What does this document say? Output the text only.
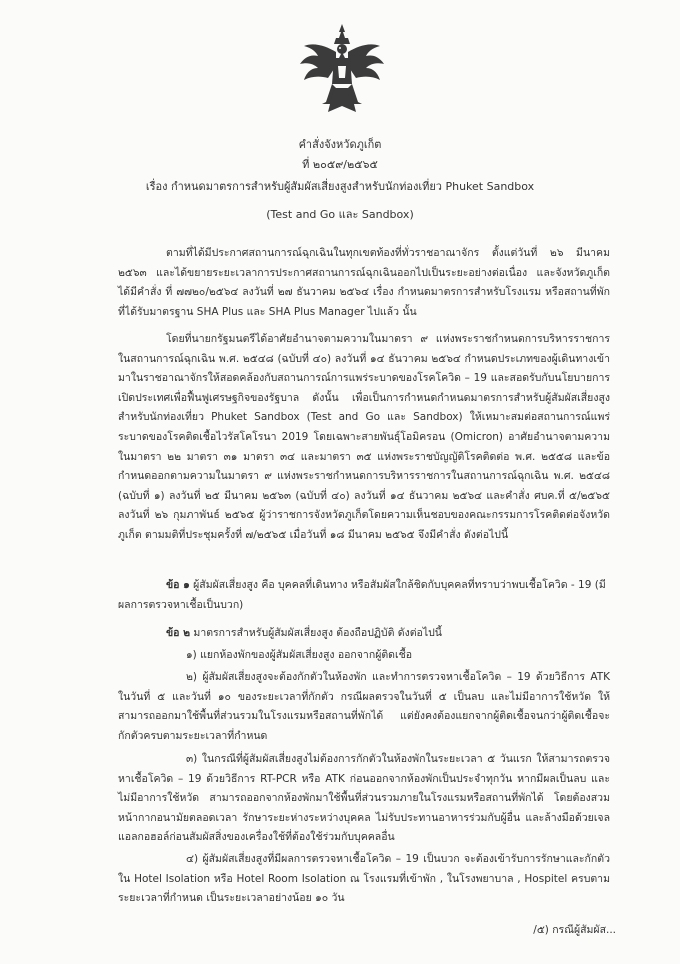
คำสั่งจังหวัดภูเก็ต
ที่ ๒๐๕๙/๒๕๖๕
เรื่อง กำหนดมาตรการสำหรับผู้สัมผัสเสี่ยงสูงสำหรับนักท่องเที่ยว Phuket Sandbox
(Test and Go และ Sandbox)
ตามที่ได้มีประกาศสถานการณ์ฉุกเฉินในทุกเขตท้องที่ทั่วราชอาณาจักร ตั้งแต่วันที่ ๒๖ มีนาคม ๒๕๖๓ และได้ขยายระยะเวลาการประกาศสถานการณ์ฉุกเฉินออกไปเป็นระยะอย่างต่อเนื่อง และจังหวัดภูเก็ตได้มีคำสั่ง ที่ ๗๗๒๐/๒๕๖๔ ลงวันที่ ๒๗ ธันวาคม ๒๕๖๔ เรื่อง กำหนดมาตรการสำหรับโรงแรม หรือสถานที่พักที่ได้รับมาตรฐาน SHA Plus และ SHA Plus Manager ไปแล้ว นั้น
โดยที่นายกรัฐมนตรีได้อาศัยอำนาจตามความในมาตรา ๙ แห่งพระราชกำหนดการบริหารราชการในสถานการณ์ฉุกเฉิน พ.ศ. ๒๕๔๘ (ฉบับที่ ๔๐) ลงวันที่ ๑๔ ธันวาคม ๒๕๖๔ กำหนดประเภทของผู้เดินทางเข้ามาในราชอาณาจักรให้สอดคล้องกับสถานการณ์การแพร่ระบาดของโรคโควิด – 19 และสอดรับกับนโยบายการเปิดประเทศเพื่อฟื้นฟูเศรษฐกิจของรัฐบาล ดังนั้น เพื่อเป็นการกำหนดกำหนดมาตรการสำหรับผู้สัมผัสเสี่ยงสูงสำหรับนักท่องเที่ยว Phuket Sandbox (Test and Go และ Sandbox) ให้เหมาะสมต่อสถานการณ์แพร่ระบาดของโรคติดเชื้อไวรัสโคโรนา 2019 โดยเฉพาะสายพันธุ์โอมิครอน (Omicron) อาศัยอำนาจตามความในมาตรา ๒๒ มาตรา ๓๑ มาตรา ๓๔ และมาตรา ๓๕ แห่งพระราชบัญญัติโรคติดต่อ พ.ศ. ๒๕๕๘ และข้อกำหนดออกตามความในมาตรา ๙ แห่งพระราชกำหนดการบริหารราชการในสถานการณ์ฉุกเฉิน พ.ศ. ๒๕๔๘ (ฉบับที่ ๑) ลงวันที่ ๒๕ มีนาคม ๒๕๖๓ (ฉบับที่ ๔๐) ลงวันที่ ๑๔ ธันวาคม ๒๕๖๔ และคำสั่ง ศบค.ที่ ๕/๒๕๖๕ ลงวันที่ ๒๖ กุมภาพันธ์ ๒๕๖๕ ผู้ว่าราชการจังหวัดภูเก็ตโดยความเห็นชอบของคณะกรรมการโรคติดต่อจังหวัดภูเก็ต ตามมติที่ประชุมครั้งที่ ๗/๒๕๖๕ เมื่อวันที่ ๑๘ มีนาคม ๒๕๖๕ จึงมีคำสั่ง ดังต่อไปนี้
ข้อ ๑ ผู้สัมผัสเสี่ยงสูง คือ บุคคลที่เดินทาง หรือสัมผัสใกล้ชิดกับบุคคลที่ทราบว่าพบเชื้อโควิด - 19 (มีผลการตรวจหาเชื้อเป็นบวก)
ข้อ ๒ มาตรการสำหรับผู้สัมผัสเสี่ยงสูง ต้องถือปฏิบัติ ดังต่อไปนี้
๑) แยกห้องพักของผู้สัมผัสเสี่ยงสูง ออกจากผู้ติดเชื้อ
๒) ผู้สัมผัสเสี่ยงสูงจะต้องกักตัวในห้องพัก และทำการตรวจหาเชื้อโควิด – 19 ด้วยวิธีการ ATK ในวันที่ ๕ และวันที่ ๑๐ ของระยะเวลาที่กักตัว กรณีผลตรวจในวันที่ ๕ เป็นลบ และไม่มีอาการใช้หวัด ให้สามารถออกมาใช้พื้นที่ส่วนรวมในโรงแรมหรือสถานที่พักได้ แต่ยังคงต้องแยกจากผู้ติดเชื้อจนกว่าผู้ติดเชื้อจะกักตัวครบตามระยะเวลาที่กำหนด
๓) ในกรณีที่ผู้สัมผัสเสี่ยงสูงไม่ต้องการกักตัวในห้องพักในระยะเวลา ๕ วันแรก ให้สามารถตรวจหาเชื้อโควิด – 19 ด้วยวิธีการ RT-PCR หรือ ATK ก่อนออกจากห้องพักเป็นประจำทุกวัน หากมีผลเป็นลบ และไม่มีอาการใช้หวัด สามารถออกจากห้องพักมาใช้พื้นที่ส่วนรวมภายในโรงแรมหรือสถานที่พักได้ โดยต้องสวมหน้ากากอนามัยตลอดเวลา รักษาระยะห่างระหว่างบุคคล ไม่รับประทานอาหารร่วมกับผู้อื่น และล้างมือด้วยเจลแอลกอฮอล์ก่อนสัมผัสสิ่งของเครื่องใช้ที่ต้องใช้ร่วมกับบุคคลอื่น
๔) ผู้สัมผัสเสี่ยงสูงที่มีผลการตรวจหาเชื้อโควิด – 19 เป็นบวก จะต้องเข้ารับการรักษาและกักตัวใน Hotel Isolation หรือ Hotel Room Isolation ณ โรงแรมที่เข้าพัก , ในโรงพยาบาล , Hospitel ครบตามระยะเวลาที่กำหนด เป็นระยะเวลาอย่างน้อย ๑๐ วัน
/๕) กรณีผู้สัมผัส...
